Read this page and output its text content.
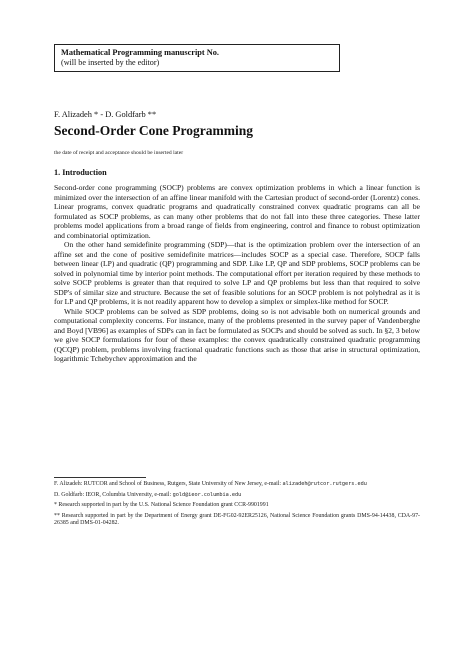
Mathematical Programming manuscript No.
(will be inserted by the editor)
F. Alizadeh * - D. Goldfarb **
Second-Order Cone Programming
the date of receipt and acceptance should be inserted later
1. Introduction

Second-order cone programming (SOCP) problems are convex optimization problems in which a linear function is minimized over the intersection of an affine linear manifold with the Cartesian product of second-order (Lorentz) cones. Linear programs, convex quadratic programs and quadratically constrained convex quadratic programs can all be formulated as SOCP problems, as can many other problems that do not fall into these three categories. These latter problems model applications from a broad range of fields from engineering, control and finance to robust optimization and combinatorial optimization.

On the other hand semidefinite programming (SDP)—that is the optimization problem over the intersection of an affine set and the cone of positive semidefinite matrices—includes SOCP as a special case. Therefore, SOCP falls between linear (LP) and quadratic (QP) programming and SDP. Like LP, QP and SDP problems, SOCP problems can be solved in polynomial time by interior point methods. The computational effort per iteration required by these methods to solve SOCP problems is greater than that required to solve LP and QP problems but less than that required to solve SDP's of similar size and structure. Because the set of feasible solutions for an SOCP problem is not polyhedral as it is for LP and QP problems, it is not readily apparent how to develop a simplex or simplex-like method for SOCP.

While SOCP problems can be solved as SDP problems, doing so is not advisable both on numerical grounds and computational complexity concerns. For instance, many of the problems presented in the survey paper of Vandenberghe and Boyd [VB96] as examples of SDPs can in fact be formulated as SOCPs and should be solved as such. In §2, 3 below we give SOCP formulations for four of these examples: the convex quadratically constrained quadratic programming (QCQP) problem, problems involving fractional quadratic functions such as those that arise in structural optimization, logarithmic Tchebychev approximation and the

F. Alizadeh: RUTCOR and School of Business, Rutgers, State University of New Jersey, e-mail: alizadeh@rutcor.rutgers.edu

D. Goldfarb: IEOR, Columbia University, e-mail: gold@ieor.columbia.edu

* Research supported in part by the U.S. National Science Foundation grant CCR-9901991

** Research supported in part by the Department of Energy grant DE-FG02-92ER25126, National Science Foundation grants DMS-94-14438, CDA-97-26385 and DMS-01-04282.
